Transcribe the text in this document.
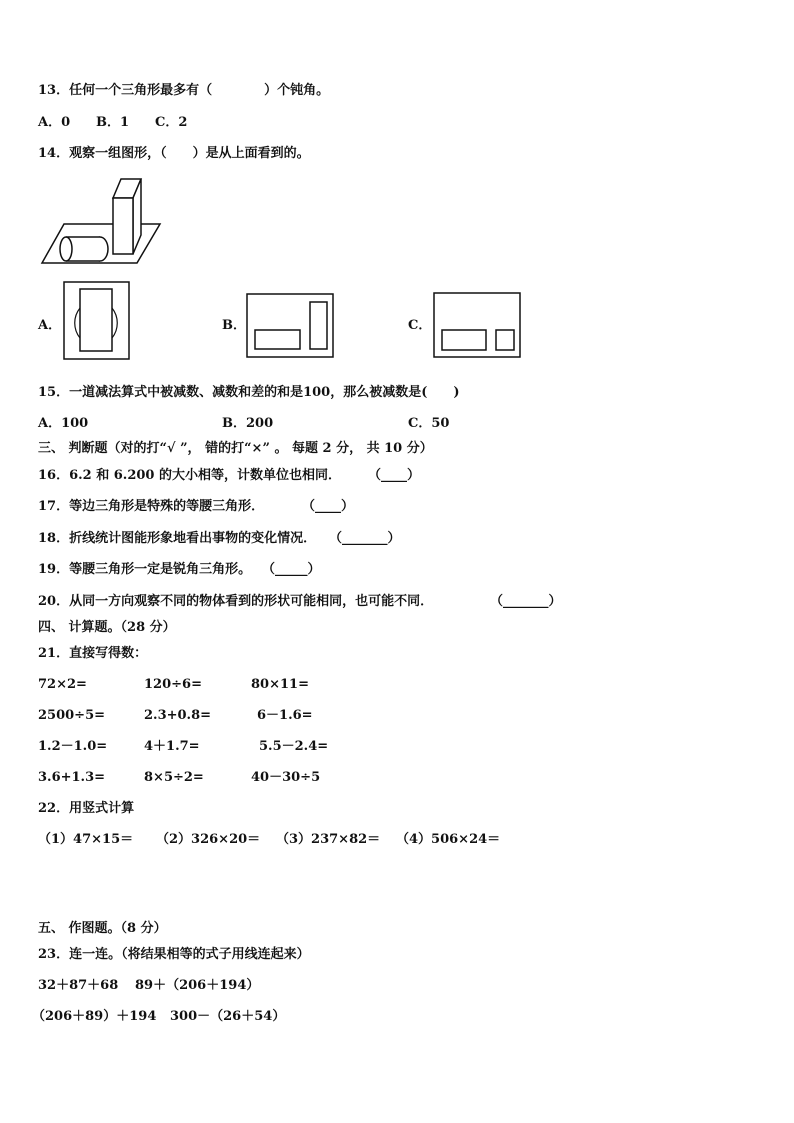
13．任何一个三角形最多有（　　　　）个钝角。
A．0 B．1 C．2
14．观察一组图形，（　　）是从上面看到的。
A．	B．	C．
15．一道减法算式中被减数、减数和差的和是100，那么被减数是(　　)
A．100	B．200	C．50
三、 判断题（对的打“√ ”， 错的打“×” 。 每题 2 分， 共 10 分）
16．6.2 和 6.200 的大小相等，计数单位也相同． （____）
17．等边三角形是特殊的等腰三角形．	（____）
18．折线统计图能形象地看出事物的变化情况． （_______）
19．等腰三角形一定是锐角三角形。 （_____）
20．从同一方向观察不同的物体看到的形状可能相同，也可能不同．	（_______）
四、 计算题。（28 分）
21．直接写得数：
72×2=	120÷6=	80×11=
2500÷5=	2.3+0.8=	6－1.6=
1.2－1.0=	4＋1.7=	5.5－2.4=
3.6+1.3=	8×5÷2=	40－30÷5
22．用竖式计算
（1）47×15＝ （2）326×20＝ （3）237×82＝ （4）506×24＝
五、 作图题。（8 分）
23．连一连。（将结果相等的式子用线连起来）
32＋87＋68 89＋（206＋194）
（206＋89）＋194 300－（26＋54）
